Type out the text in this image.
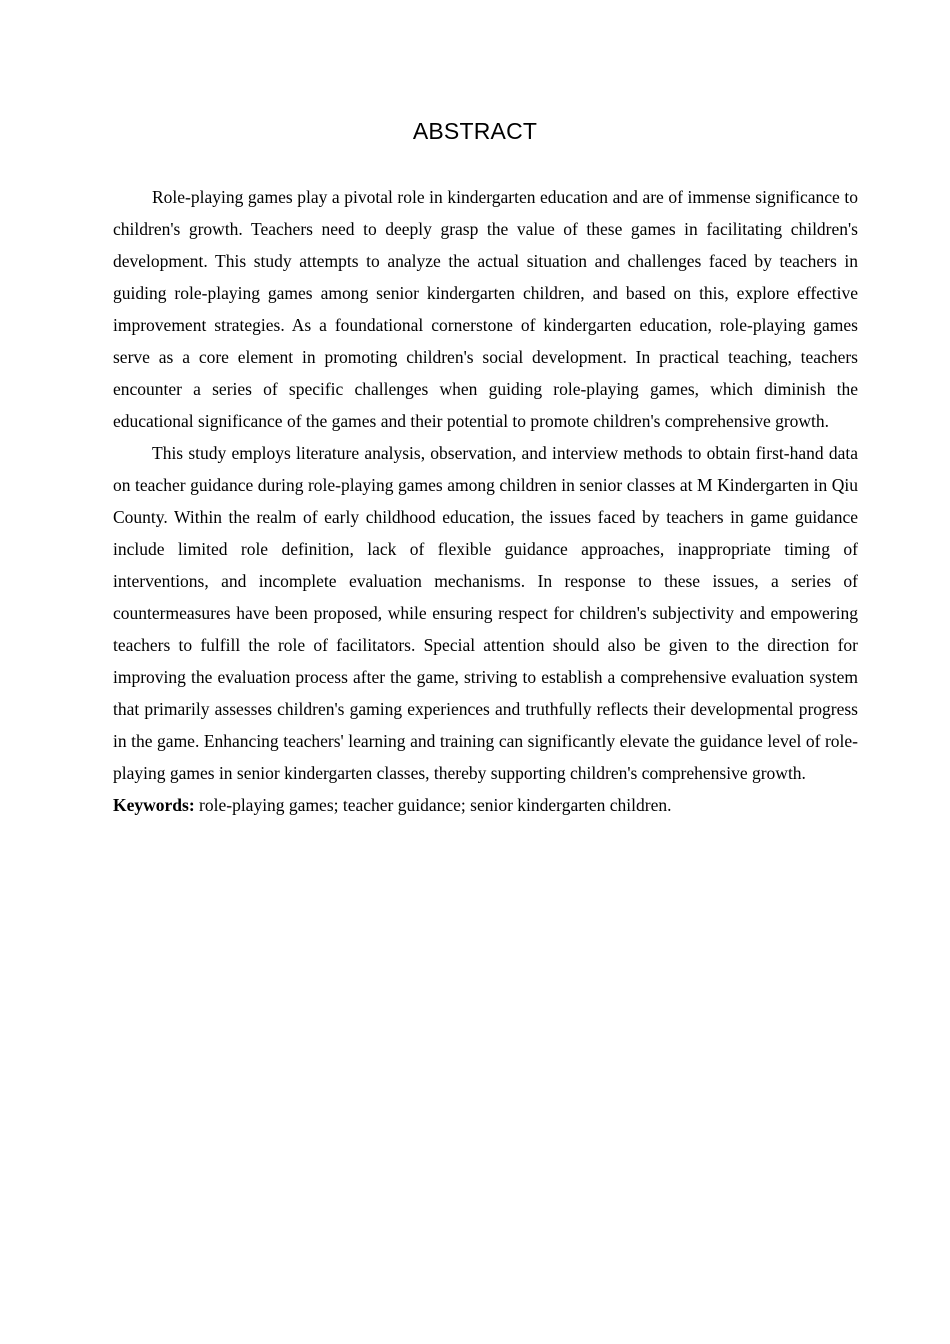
ABSTRACT

Role-playing games play a pivotal role in kindergarten education and are of immense significance to children's growth. Teachers need to deeply grasp the value of these games in facilitating children's development. This study attempts to analyze the actual situation and challenges faced by teachers in guiding role-playing games among senior kindergarten children, and based on this, explore effective improvement strategies. As a foundational cornerstone of kindergarten education, role-playing games serve as a core element in promoting children's social development. In practical teaching, teachers encounter a series of specific challenges when guiding role-playing games, which diminish the educational significance of the games and their potential to promote children's comprehensive growth.

This study employs literature analysis, observation, and interview methods to obtain first-hand data on teacher guidance during role-playing games among children in senior classes at M Kindergarten in Qiu County. Within the realm of early childhood education, the issues faced by teachers in game guidance include limited role definition, lack of flexible guidance approaches, inappropriate timing of interventions, and incomplete evaluation mechanisms. In response to these issues, a series of countermeasures have been proposed, while ensuring respect for children's subjectivity and empowering teachers to fulfill the role of facilitators. Special attention should also be given to the direction for improving the evaluation process after the game, striving to establish a comprehensive evaluation system that primarily assesses children's gaming experiences and truthfully reflects their developmental progress in the game. Enhancing teachers' learning and training can significantly elevate the guidance level of role-playing games in senior kindergarten classes, thereby supporting children's comprehensive growth.

Keywords: role-playing games; teacher guidance; senior kindergarten children.
